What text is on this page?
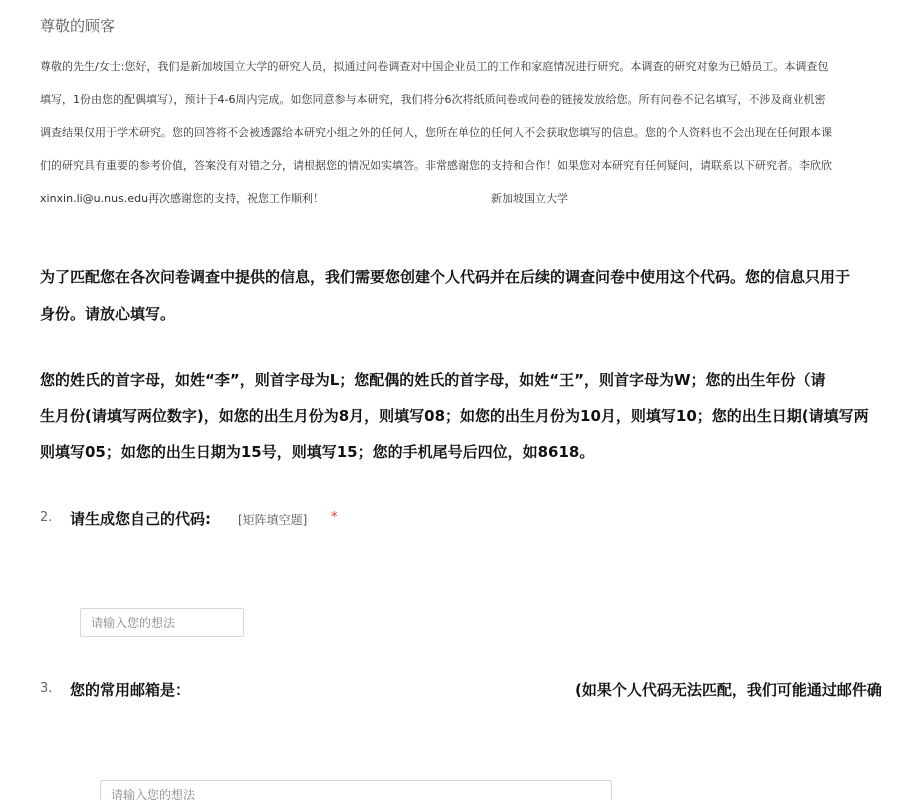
尊敬的顾客
尊敬的先生/女士:您好，我们是新加坡国立大学的研究人员，拟通过问卷调查对中国企业员工的工作和家庭情况进行研究。本调查的研究对象为已婚员工。本调查包
填写，1份由您的配偶填写），预计于4-6周内完成。如您同意参与本研究，我们将分6次将纸质问卷或问卷的链接发放给您。所有问卷不记名填写，不涉及商业机密
调查结果仅用于学术研究。您的回答将不会被透露给本研究小组之外的任何人，您所在单位的任何人不会获取您填写的信息。您的个人资料也不会出现在任何跟本课
们的研究具有重要的参考价值，答案没有对错之分，请根据您的情况如实填答。非常感谢您的支持和合作！如果您对本研究有任何疑问，请联系以下研究者。李欣欣
xinxin.li@u.nus.edu再次感谢您的支持，祝您工作顺利！	新加坡国立大学
为了匹配您在各次问卷调查中提供的信息，我们需要您创建个人代码并在后续的调查问卷中使用这个代码。您的信息只用于
身份。请放心填写。
您的姓氏的首字母，如姓“李”，则首字母为L；您配偶的姓氏的首字母，如姓“王”，则首字母为W；您的出生年份（请
生月份(请填写两位数字)，如您的出生月份为8月，则填写08；如您的出生月份为10月，则填写10；您的出生日期(请填写两
则填写05；如您的出生日期为15号，则填写15；您的手机尾号后四位，如8618。
2. 请生成您自己的代码: [矩阵填空题] *
请输入您的想法
3. 您的常用邮箱是：	(如果个人代码无法匹配，我们可能通过邮件确
请输入您的想法
